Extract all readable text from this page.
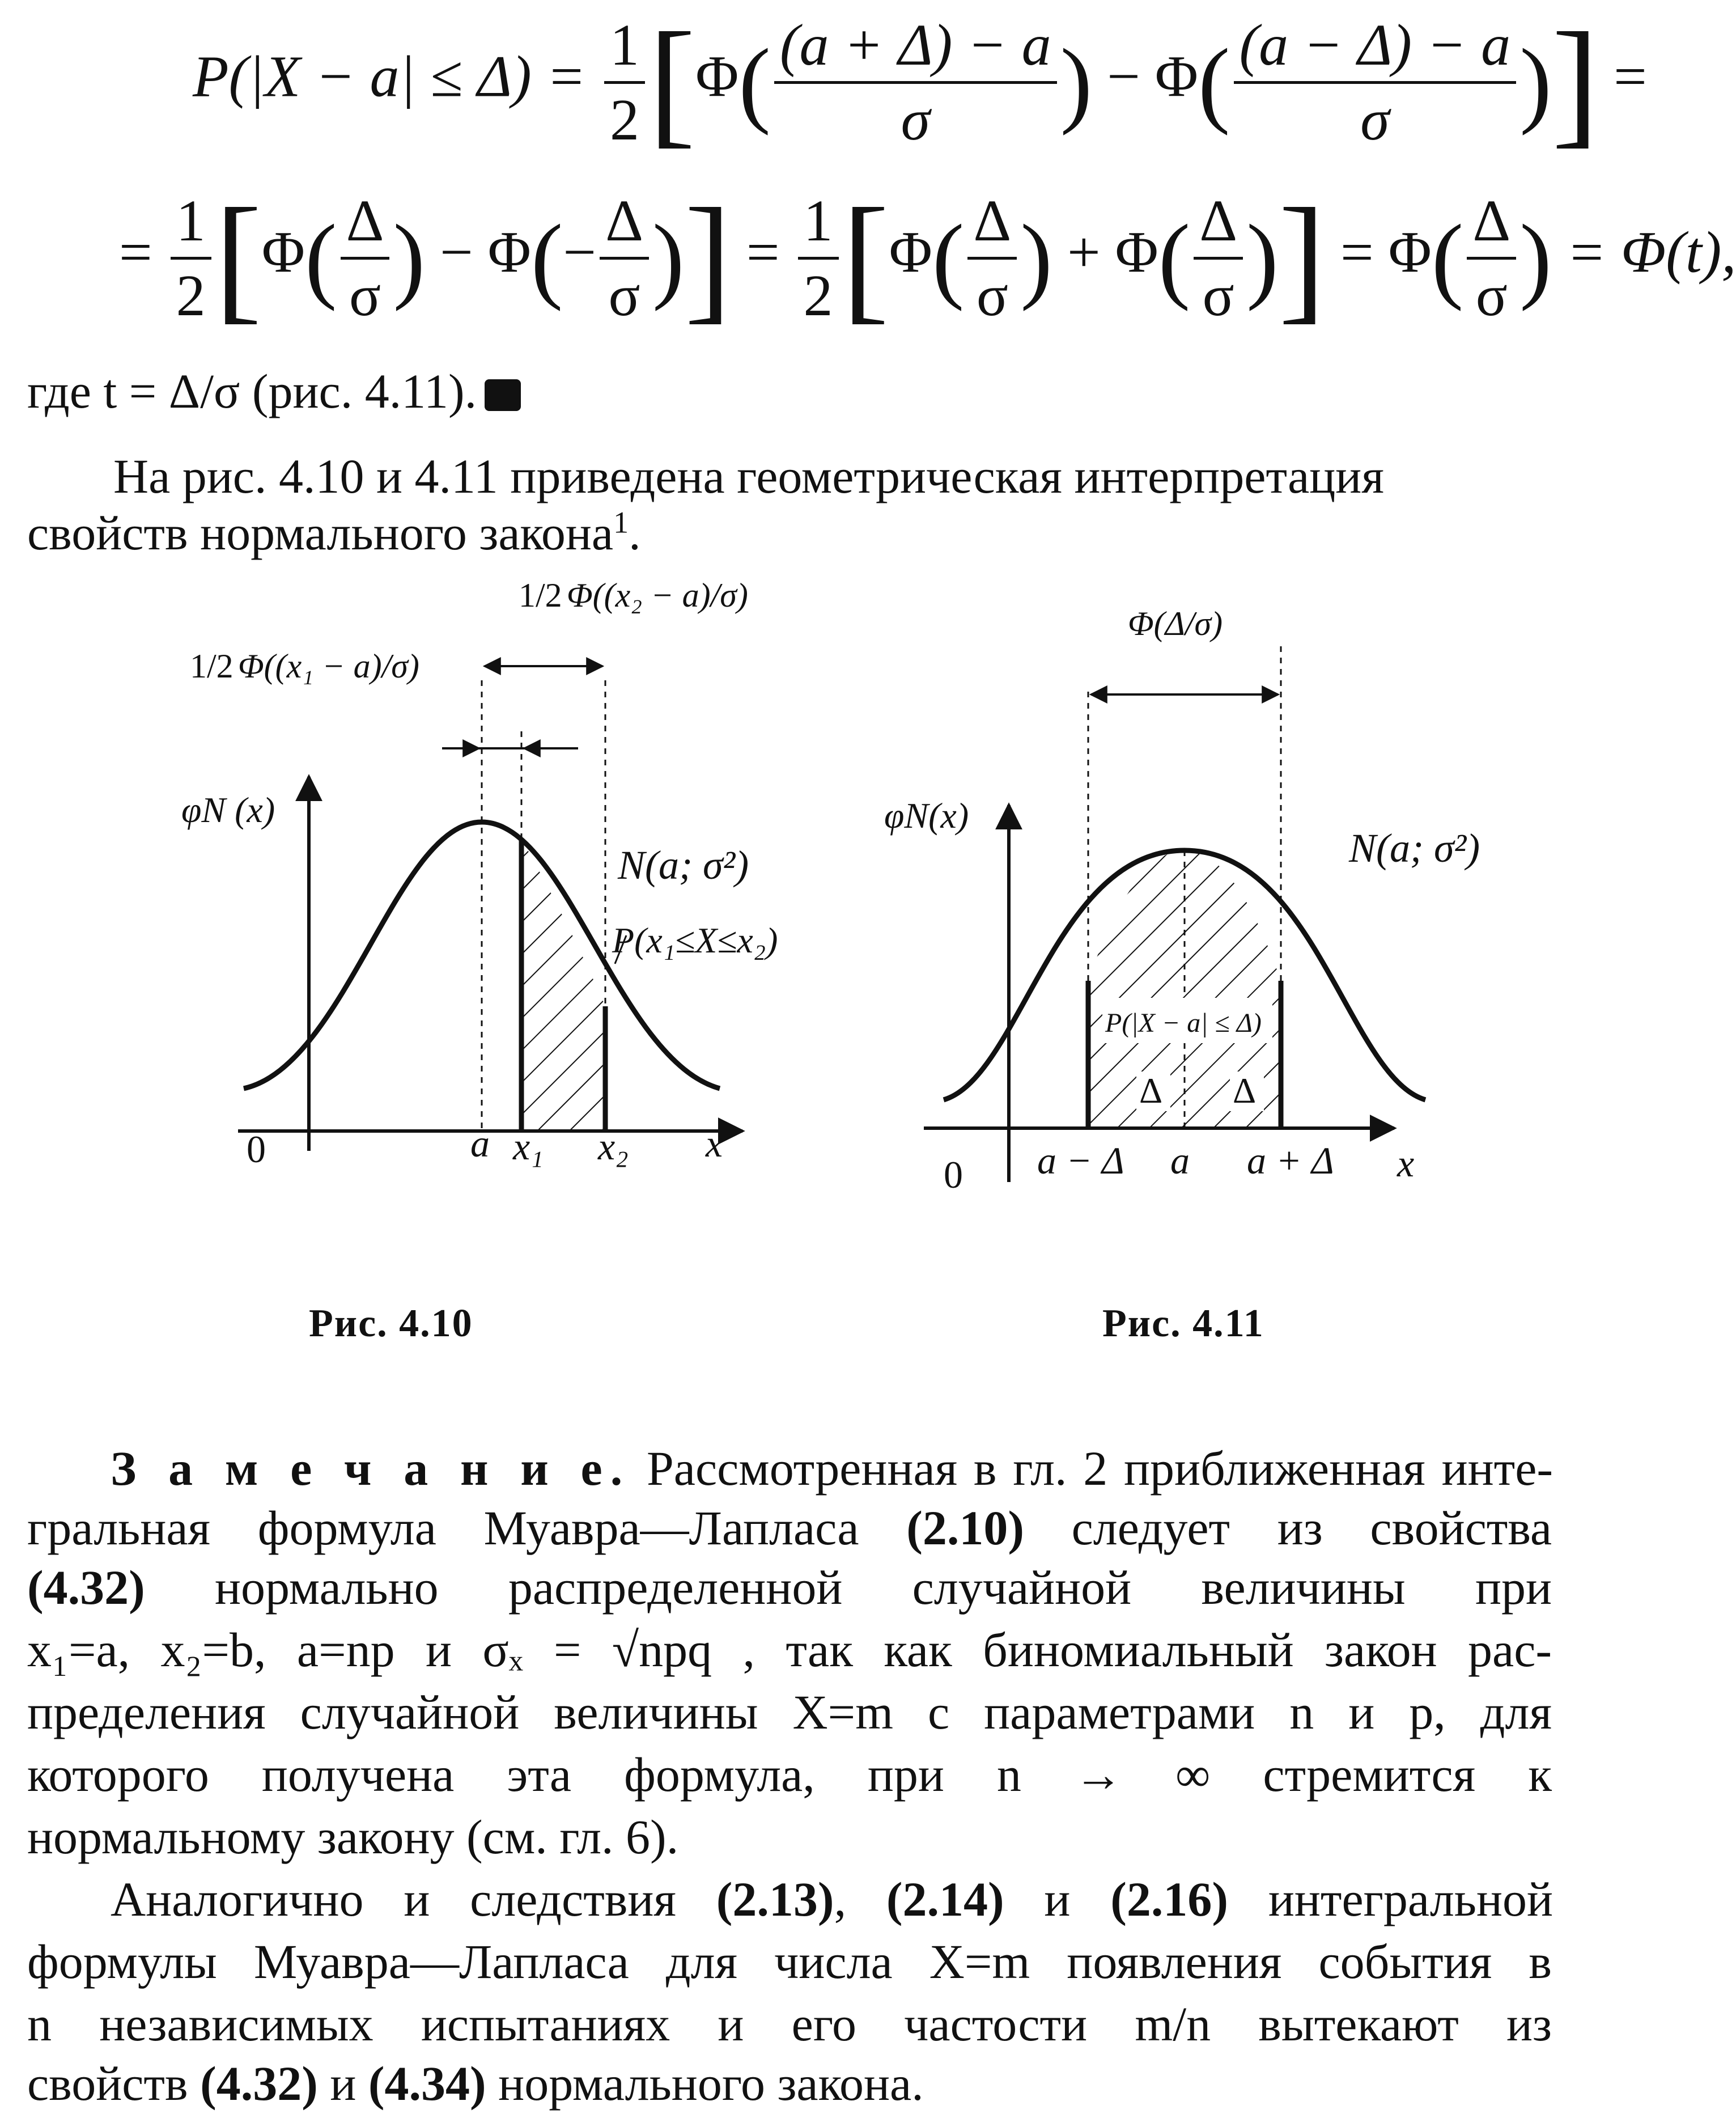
$P(|X - a| \le \Delta) = \frac{1}{2} [\Phi( \frac{(a + \Delta) - a}{\sigma}$ ) − $\Phi( \frac{(a - \Delta) - a}{\sigma}$ )] =
= $\frac{1}{2} [\Phi( \frac{\Delta}{\sigma}$ ) − $\Phi(- \frac{\Delta}{\sigma}$ )] = $\frac{1}{2} [\Phi( \frac{\Delta}{\sigma}$ ) + $\Phi( \frac{\Delta}{\sigma}$ )] = $\Phi( \frac{\Delta}{\sigma}$ ) = Φ(t),
где t = Δ/σ (рис. 4.11).
На рис. 4.10 и 4.11 приведена геометрическая интерпретация
свойств нормального закона$^1$.
1/2 Φ((x₁ − a)/σ)
1/2 Φ((x₂ − a)/σ)
φN (x)
N(a; σ²)
P(x₁≤X≤x₂)
0	a x₁ x₂ x
Φ(Δ/σ)
φN(x)
N(a; σ²)
P(|X − a| ≤ Δ)
Δ Δ
0 a − Δ a a + Δ x
Рис. 4.10	Рис. 4.11
З а м е ч а н и е. Рассмотренная в гл. 2 приближенная инте-
гральная формула Муавра—Лапласа (2.10) следует из свойства
(4.32) нормально распределенной случайной величины при
x₁=a, x₂=b, a=np и σₓ = √npq , так как биномиальный закон рас-
пределения случайной величины X=m с параметрами n и p, для
которого получена эта формула, при n → ∞ стремится к
нормальному закону (см. гл. 6).
Аналогично и следствия (2.13), (2.14) и (2.16) интегральной
формулы Муавра—Лапласа для числа X=m появления события в
n независимых испытаниях и его частости m/n вытекают из
свойств (4.32) и (4.34) нормального закона.
